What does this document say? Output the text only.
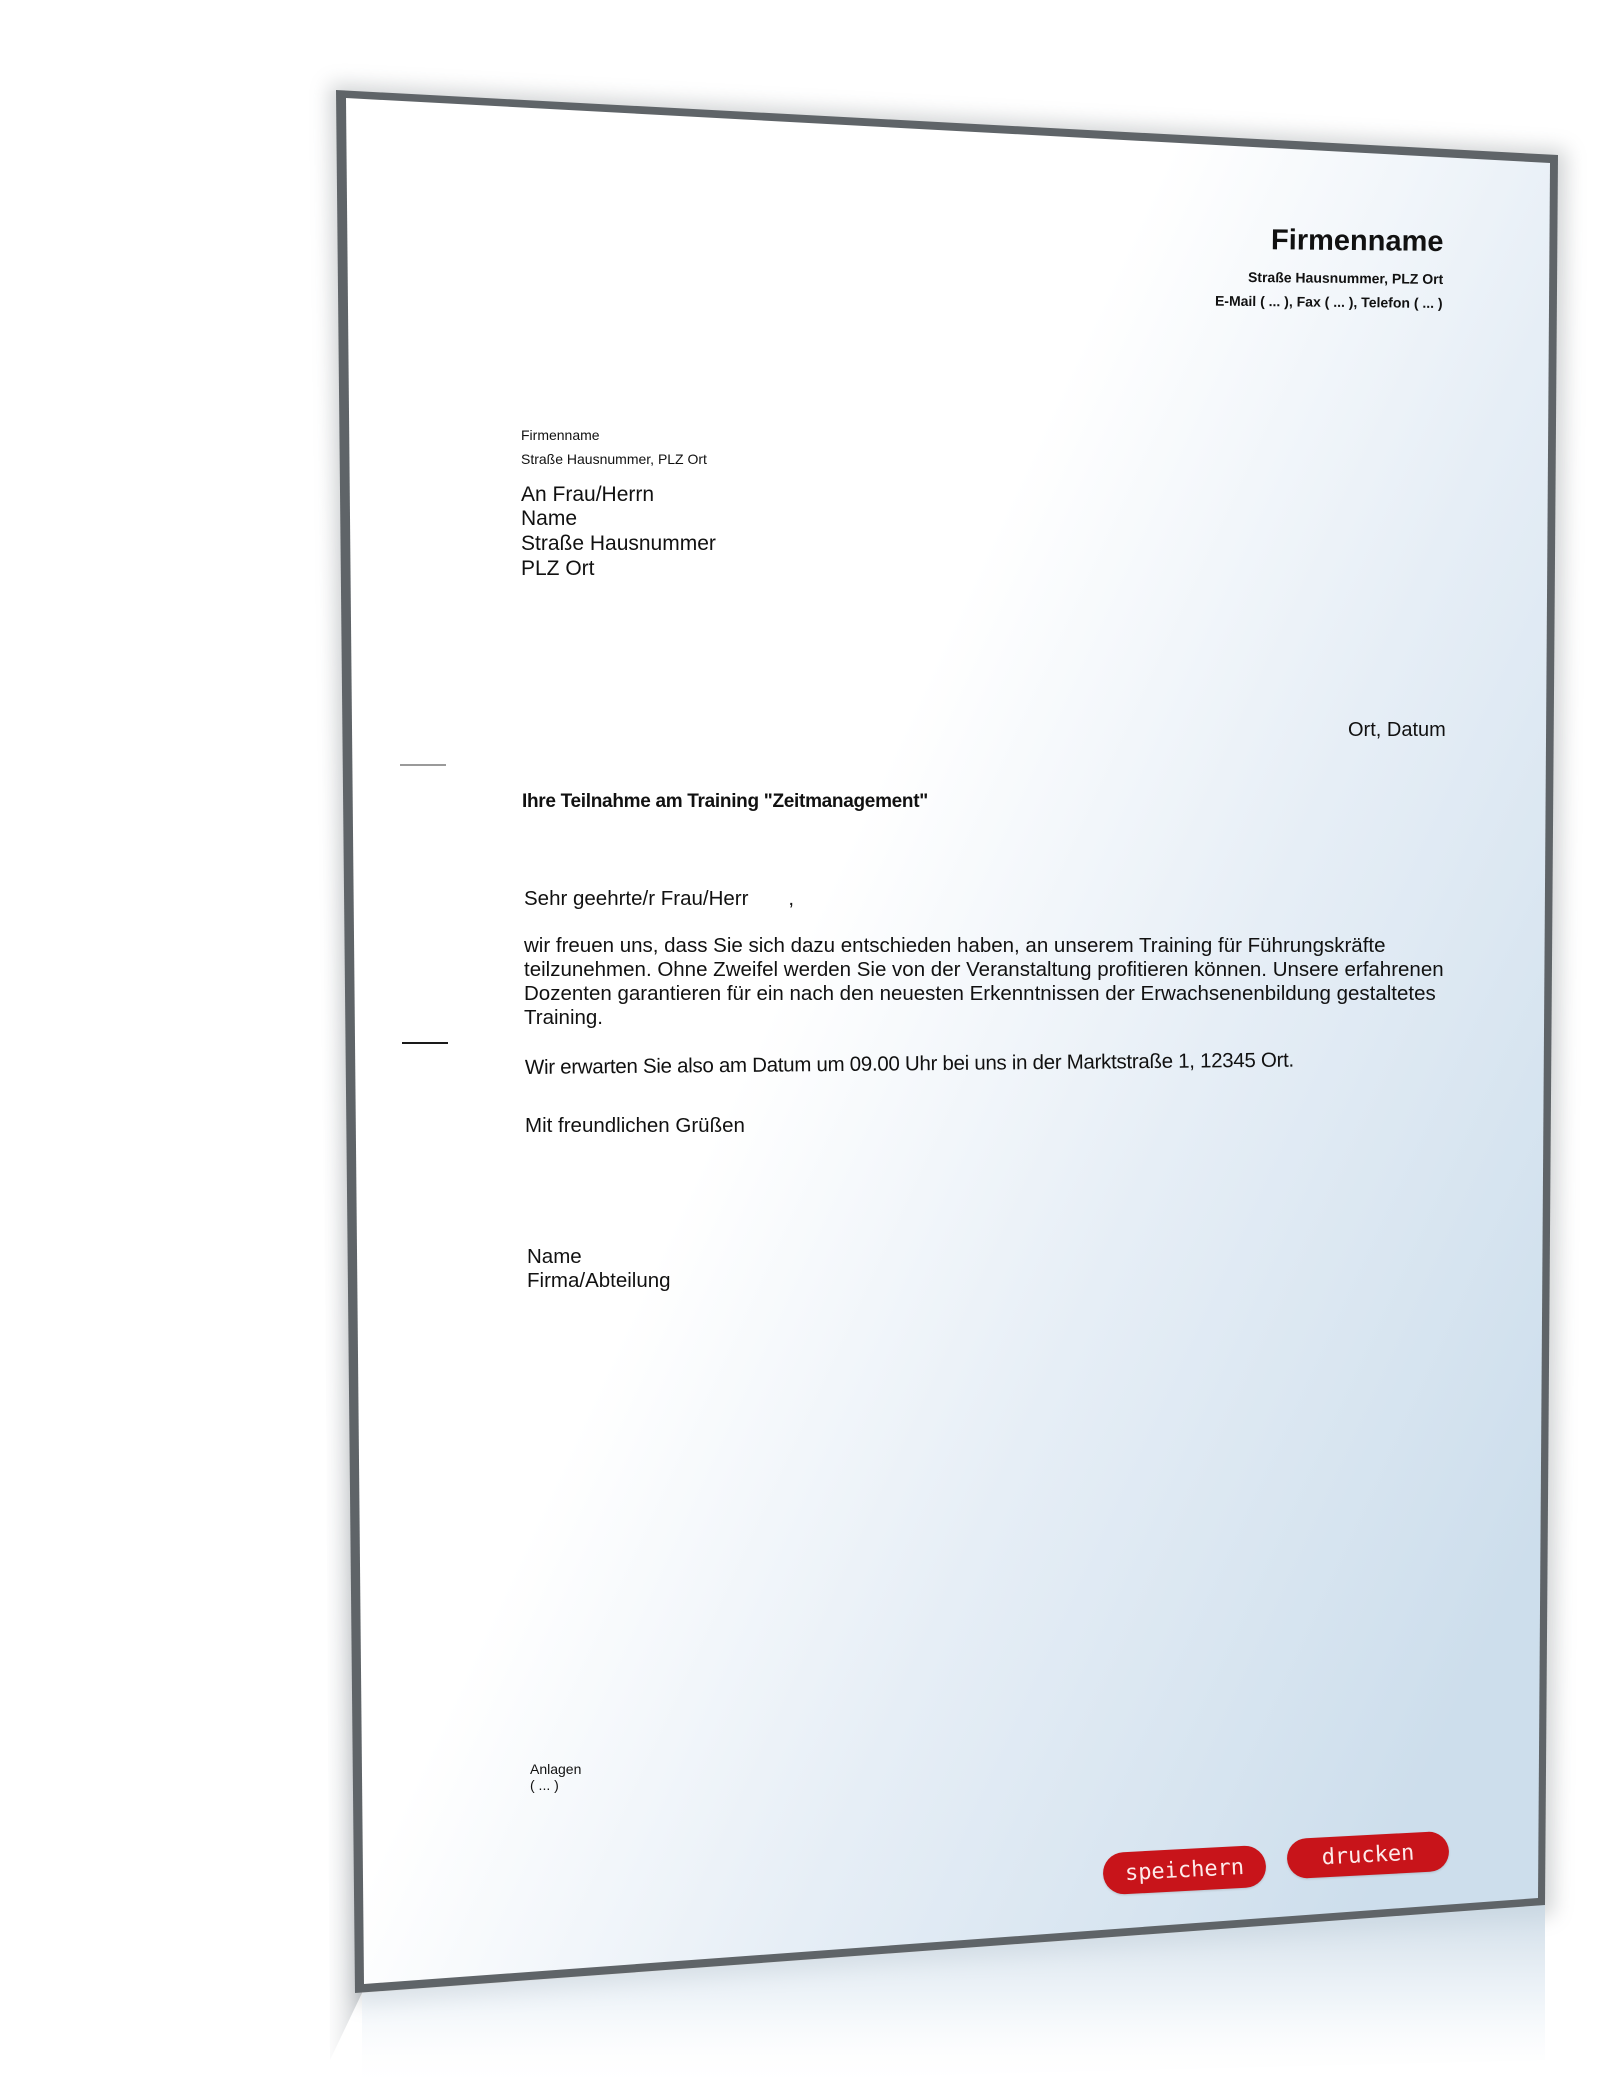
Firmenname
Straße Hausnummer, PLZ Ort
E-Mail ( ... ), Fax ( ... ), Telefon ( ... )
Firmenname
Straße Hausnummer, PLZ Ort
An Frau/Herrn
Name
Straße Hausnummer
PLZ Ort
Ort, Datum
Ihre Teilnahme am Training "Zeitmanagement"
Sehr geehrte/r Frau/Herr       ,
wir freuen uns, dass Sie sich dazu entschieden haben, an unserem Training für Führungskräfte
teilzunehmen. Ohne Zweifel werden Sie von der Veranstaltung profitieren können. Unsere erfahrenen
Dozenten garantieren für ein nach den neuesten Erkenntnissen der Erwachsenenbildung gestaltetes
Training.
Wir erwarten Sie also am Datum um 09.00 Uhr bei uns in der Marktstraße 1, 12345 Ort.
Mit freundlichen Grüßen
Name
Firma/Abteilung
Anlagen
( ... )
speichern	drucken
